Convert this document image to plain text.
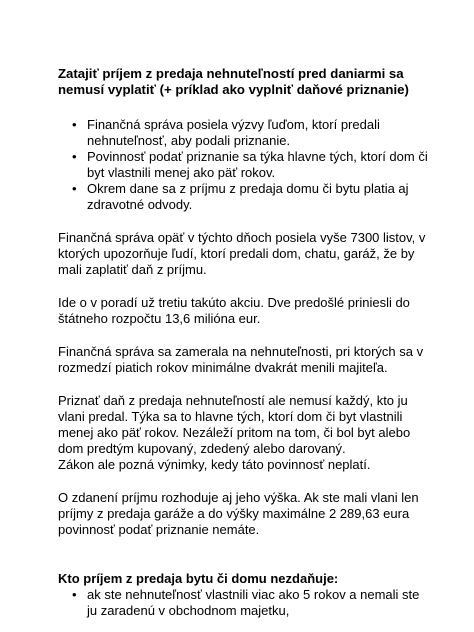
Zatajiť príjem z predaja nehnuteľností pred daniarmi sa nemusí vyplatiť (+ príklad ako vyplniť daňové priznanie)
• Finančná správa posiela výzvy ľuďom, ktorí predali nehnuteľnosť, aby podali priznanie.
• Povinnosť podať priznanie sa týka hlavne tých, ktorí dom či byt vlastnili menej ako päť rokov.
• Okrem dane sa z príjmu z predaja domu či bytu platia aj zdravotné odvody.

Finančná správa opäť v týchto dňoch posiela vyše 7300 listov, v ktorých upozorňuje ľudí, ktorí predali dom, chatu, garáž, že by mali zaplatiť daň z príjmu.

Ide o v poradí už tretiu takúto akciu. Dve predošlé priniesli do štátneho rozpočtu 13,6 milióna eur.

Finančná správa sa zamerala na nehnuteľnosti, pri ktorých sa v rozmedzí piatich rokov minimálne dvakrát menili majiteľa.

Priznať daň z predaja nehnuteľností ale nemusí každý, kto ju vlani predal. Týka sa to hlavne tých, ktorí dom či byt vlastnili menej ako päť rokov. Nezáleží pritom na tom, či bol byt alebo dom predtým kupovaný, zdedený alebo darovaný.

Zákon ale pozná výnimky, kedy táto povinnosť neplatí.

O zdanení príjmu rozhoduje aj jeho výška. Ak ste mali vlani len príjmy z predaja garáže a do výšky maximálne 2 289,63 eura povinnosť podať priznanie nemáte.

Kto príjem z predaja bytu či domu nezdaňuje:

• ak ste nehnuteľnosť vlastnili viac ako 5 rokov a nemali ste ju zaradenú v obchodnom majetku,
